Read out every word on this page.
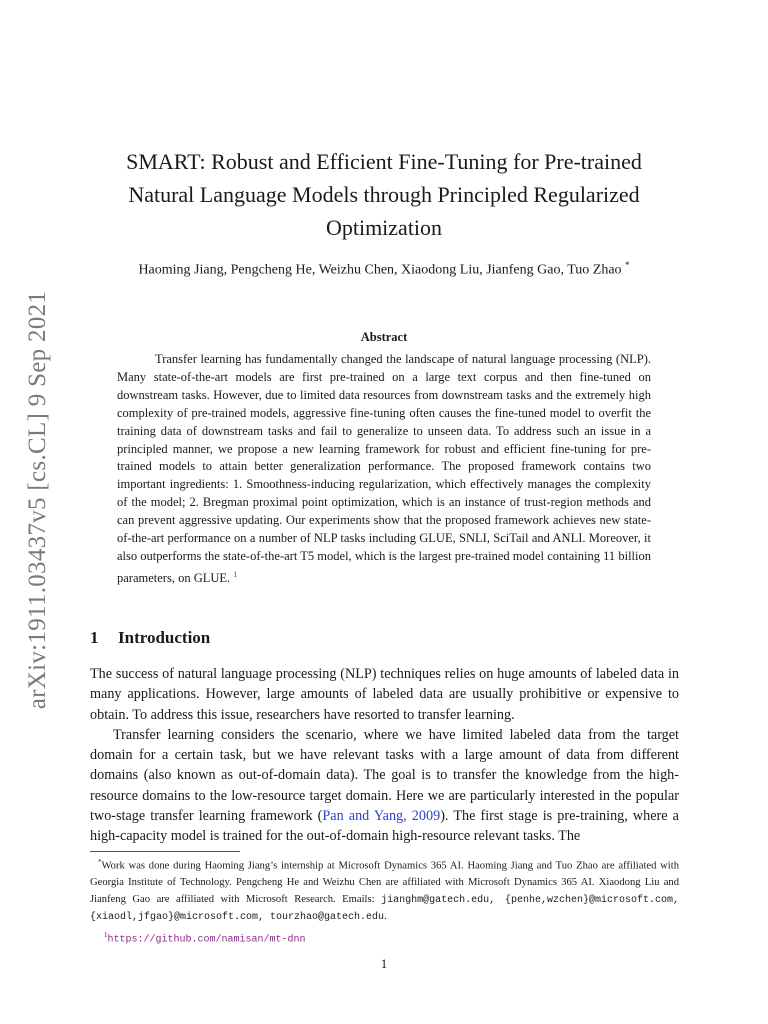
arXiv:1911.03437v5 [cs.CL] 9 Sep 2021
SMART: Robust and Efficient Fine-Tuning for Pre-trained
Natural Language Models through Principled Regularized
Optimization
Haoming Jiang, Pengcheng He, Weizhu Chen, Xiaodong Liu, Jianfeng Gao, Tuo Zhao *
Abstract
Transfer learning has fundamentally changed the landscape of natural language processing (NLP). Many state-of-the-art models are first pre-trained on a large text corpus and then fine-tuned on downstream tasks. However, due to limited data resources from downstream tasks and the extremely high complexity of pre-trained models, aggressive fine-tuning often causes the fine-tuned model to overfit the training data of downstream tasks and fail to generalize to unseen data. To address such an issue in a principled manner, we propose a new learning framework for robust and efficient fine-tuning for pre-trained models to attain better generalization performance. The proposed framework contains two important ingredients: 1. Smoothness-inducing regularization, which effectively manages the complexity of the model; 2. Bregman proximal point optimization, which is an instance of trust-region methods and can prevent aggressive updating. Our experiments show that the proposed framework achieves new state-of-the-art performance on a number of NLP tasks including GLUE, SNLI, SciTail and ANLI. Moreover, it also outperforms the state-of-the-art T5 model, which is the largest pre-trained model containing 11 billion parameters, on GLUE. $^1$
1 Introduction

The success of natural language processing (NLP) techniques relies on huge amounts of labeled data in many applications. However, large amounts of labeled data are usually prohibitive or expensive to obtain. To address this issue, researchers have resorted to transfer learning.

Transfer learning considers the scenario, where we have limited labeled data from the target domain for a certain task, but we have relevant tasks with a large amount of data from different domains (also known as out-of-domain data). The goal is to transfer the knowledge from the high-resource domains to the low-resource target domain. Here we are particularly interested in the popular two-stage transfer learning framework (Pan and Yang, 2009). The first stage is pre-training, where a high-capacity model is trained for the out-of-domain high-resource relevant tasks. The

*Work was done during Haoming Jiang’s internship at Microsoft Dynamics 365 AI. Haoming Jiang and Tuo Zhao are affiliated with Georgia Institute of Technology. Pengcheng He and Weizhu Chen are affiliated with Microsoft Dynamics 365 AI. Xiaodong Liu and Jianfeng Gao are affiliated with Microsoft Research. Emails: jianghm@gatech.edu, {penhe,wzchen}@microsoft.com, {xiaodl,jfgao}@microsoft.com, tourzhao@gatech.edu.

$^1$https://github.com/namisan/mt-dnn

1
